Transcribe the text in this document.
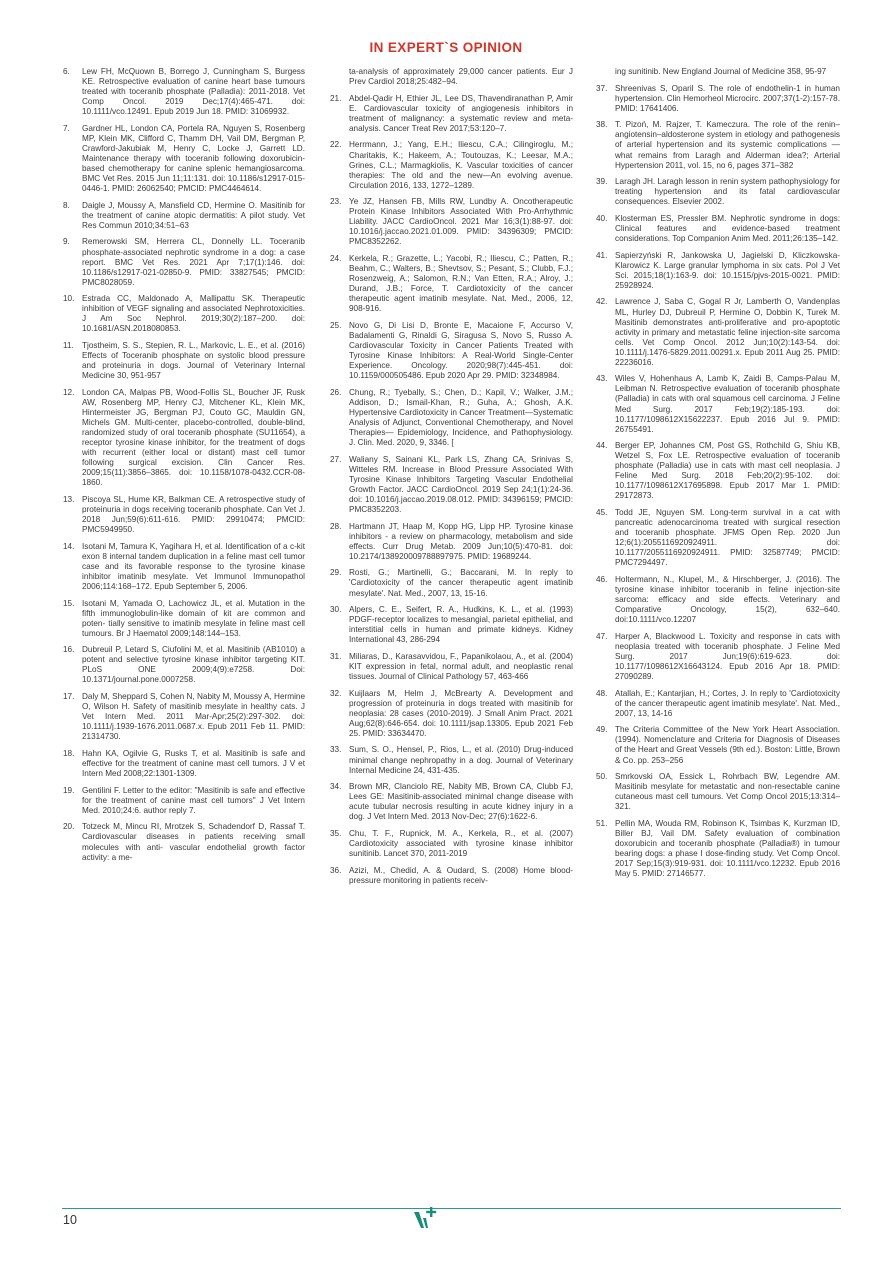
IN EXPERT`S OPINION
6.	Lew FH, McQuown B, Borrego J, Cunningham S, Burgess KE. Retrospective evaluation of canine heart base tumours treated with toceranib phosphate (Palladia): 2011-2018. Vet Comp Oncol. 2019 Dec;17(4):465-471. doi: 10.1111/vco.12491. Epub 2019 Jun 18. PMID: 31069932.
7.	Gardner HL, London CA, Portela RA, Nguyen S, Rosenberg MP, Klein MK, Clifford C, Thamm DH, Vail DM, Bergman P, Crawford-Jakubiak M, Henry C, Locke J, Garrett LD. Maintenance therapy with toceranib following doxorubicin-based chemotherapy for canine splenic hemangiosarcoma. BMC Vet Res. 2015 Jun 11;11:131. doi: 10.1186/s12917-015-0446-1. PMID: 26062540; PMCID: PMC4464614.
8.	Daigle J, Moussy A, Mansfield CD, Hermine O. Masitinib for the treatment of canine atopic dermatitis: A pilot study. Vet Res Commun 2010;34:51–63
9.	Remerowski SM, Herrera CL, Donnelly LL. Toceranib phosphate-associated nephrotic syndrome in a dog: a case report. BMC Vet Res. 2021 Apr 7;17(1):146. doi: 10.1186/s12917-021-02850-9. PMID: 33827545; PMCID: PMC8028059.
10. Estrada CC, Maldonado A, Mallipattu SK. Therapeutic inhibition of VEGF signaling and associated Nephrotoxicities. J Am Soc Nephrol. 2019;30(2):187–200. doi: 10.1681/ASN.2018080853.
11.	Tjostheim, S. S., Stepien, R. L., Markovic, L. E., et al. (2016) Effects of Toceranib phosphate on systolic blood pressure and proteinuria in dogs. Journal of Veterinary Internal Medicine 30, 951-957
12. London CA, Malpas PB, Wood-Follis SL, Boucher JF, Rusk AW, Rosenberg MP, Henry CJ, Mitchener KL, Klein MK, Hintermeister JG, Bergman PJ, Couto GC, Mauldin GN, Michels GM. Multi-center, placebo-controlled, double-blind, randomized study of oral toceranib phosphate (SU11654), a receptor tyrosine kinase inhibitor, for the treatment of dogs with recurrent (either local or distant) mast cell tumor following surgical excision. Clin Cancer Res. 2009;15(11):3856–3865. doi: 10.1158/1078-0432.CCR-08-1860.
13. Piscoya SL, Hume KR, Balkman CE. A retrospective study of proteinuria in dogs receiving toceranib phosphate. Can Vet J. 2018 Jun;59(6):611-616. PMID: 29910474; PMCID: PMC5949950.
14. Isotani M, Tamura K, Yagihara H, et al. Identification of a c-kit exon 8 internal tandem duplication in a feline mast cell tumor case and its favorable response to the tyrosine kinase inhibitor imatinib mesylate. Vet Immunol Immunopathol 2006;114:168–172. Epub September 5, 2006.
15. Isotani M, Yamada O, Lachowicz JL, et al. Mutation in the fifth immunoglobulin-like domain of kit are common and poten- tially sensitive to imatinib mesylate in feline mast cell tumours. Br J Haematol 2009;148:144–153.
16. Dubreuil P, Letard S, Ciufolini M, et al. Masitinib (AB1010) a potent and selective tyrosine kinase inhibitor targeting KIT. PLoS ONE 2009;4(9):e7258. Doi: 10.1371/journal.pone.0007258.
17. Daly M, Sheppard S, Cohen N, Nabity M, Moussy A, Hermine O, Wilson H. Safety of masitinib mesylate in healthy cats. J Vet Intern Med. 2011 Mar-Apr;25(2):297-302. doi: 10.1111/j.1939-1676.2011.0687.x. Epub 2011 Feb 11. PMID: 21314730.
18. Hahn KA, Ogilvie G, Rusks T, et al. Masitinib is safe and effective for the treatment of canine mast cell tumors. J V et Intern Med 2008;22:1301-1309.
19. Gentilini F. Letter to the editor: "Masitinib is safe and effective for the treatment of canine mast cell tumors" J Vet Intern Med. 2010;24:6. author reply 7.
20. Totzeck M, Mincu RI, Mrotzek S, Schadendorf D, Rassaf T. Cardiovascular diseases in patients receiving small molecules with anti- vascular endothelial growth factor activity: a me-
ta-analysis of approximately 29,000 cancer patients. Eur J Prev Cardiol 2018;25:482–94.
21. Abdel-Qadir H, Ethier JL, Lee DS, Thavendiranathan P, Amir E. Cardiovascular toxicity of angiogenesis inhibitors in treatment of malignancy: a systematic review and meta- analysis. Cancer Treat Rev 2017;53:120–7.
22. Herrmann, J.; Yang, E.H.; Iliescu, C.A.; Cilingiroglu, M.; Charitakis, K.; Hakeem, A.; Toutouzas, K.; Leesar, M.A.; Grines, C.L.; Marmagkiolis, K. Vascular toxicities of cancer therapies: The old and the new—An evolving avenue. Circulation 2016, 133, 1272–1289.
23. Ye JZ, Hansen FB, Mills RW, Lundby A. Oncotherapeutic Protein Kinase Inhibitors Associated With Pro-Arrhythmic Liability. JACC CardioOncol. 2021 Mar 16;3(1):88-97. doi: 10.1016/j.jaccao.2021.01.009. PMID: 34396309; PMCID: PMC8352262.
24. Kerkela, R.; Grazette, L.; Yacobi, R.; Iliescu, C.; Patten, R.; Beahm, C.; Walters, B.; Shevtsov, S.; Pesant, S.; Clubb, F.J.; Rosenzweig, A.; Salomon, R.N.; Van Etten, R.A.; Alroy, J.; Durand, J.B.; Force, T. Cardiotoxicity of the cancer therapeutic agent imatinib mesylate. Nat. Med., 2006, 12, 908-916.
25. Novo G, Di Lisi D, Bronte E, Macaione F, Accurso V, Badalamenti G, Rinaldi G, Siragusa S, Novo S, Russo A. Cardiovascular Toxicity in Cancer Patients Treated with Tyrosine Kinase Inhibitors: A Real-World Single-Center Experience. Oncology. 2020;98(7):445-451. doi: 10.1159/000505486. Epub 2020 Apr 29. PMID: 32348984.
26. Chung, R.; Tyebally, S.; Chen, D.; Kapil, V.; Walker, J.M.; Addison, D.; Ismail-Khan, R.; Guha, A.; Ghosh, A.K. Hypertensive Cardiotoxicity in Cancer Treatment—Systematic Analysis of Adjunct, Conventional Chemotherapy, and Novel Therapies— Epidemiology, Incidence, and Pathophysiology. J. Clin. Med. 2020, 9, 3346. [
27. Waliany S, Sainani KL, Park LS, Zhang CA, Srinivas S, Witteles RM. Increase in Blood Pressure Associated With Tyrosine Kinase Inhibitors Targeting Vascular Endothelial Growth Factor. JACC CardioOncol. 2019 Sep 24;1(1):24-36. doi: 10.1016/j.jaccao.2019.08.012. PMID: 34396159; PMCID: PMC8352203.
28. Hartmann JT, Haap M, Kopp HG, Lipp HP. Tyrosine kinase inhibitors - a review on pharmacology, metabolism and side effects. Curr Drug Metab. 2009 Jun;10(5):470-81. doi: 10.2174/138920009788897975. PMID: 19689244.
29. Rosti, G.; Martinelli, G.; Baccarani, M. In reply to 'Cardiotoxicity of the cancer therapeutic agent imatinib mesylate'. Nat. Med., 2007, 13, 15-16.
30. Alpers, C. E., Seifert, R. A., Hudkins, K. L., et al. (1993) PDGF-receptor localizes to mesangial, parietal epithelial, and interstitial cells in human and primate kidneys. Kidney International 43, 286-294
31. Miliaras, D., Karasavvidou, F., Papanikolaou, A., et al. (2004) KIT expression in fetal, normal adult, and neoplastic renal tissues. Journal of Clinical Pathology 57, 463-466
32. Kuijlaars M, Helm J, McBrearty A. Development and progression of proteinuria in dogs treated with masitinib for neoplasia: 28 cases (2010-2019). J Small Anim Pract. 2021 Aug;62(8):646-654. doi: 10.1111/jsap.13305. Epub 2021 Feb 25. PMID: 33634470.
33. Sum, S. O., Hensel, P., Rios, L., et al. (2010) Drug-induced minimal change nephropathy in a dog. Journal of Veterinary Internal Medicine 24, 431-435.
34. Brown MR, Clanciolo RE, Nabity MB, Brown CA, Clubb FJ, Lees GE: Masitinib-associated minimal change disease with acute tubular necrosis resulting in acute kidney injury in a dog. J Vet Intern Med. 2013 Nov-Dec; 27(6):1622-6.
35. Chu, T. F., Rupnick, M. A., Kerkela, R., et al. (2007) Cardiotoxicity associated with tyrosine kinase inhibitor sunitinib. Lancet 370, 2011-2019
36. Azizi, M., Chedid, A. & Oudard, S. (2008) Home blood-pressure monitoring in patients receiv-
ing sunitinib. New England Journal of Medicine 358, 95-97
37. Shreenivas S, Oparil S. The role of endothelin-1 in human hypertension. Clin Hemorheol Microcirc. 2007;37(1-2):157-78. PMID: 17641406.
38. T. Pizoń, M. Rajzer, T. Kameczura. The role of the renin–angiotensin–aldosterone system in etiology and pathogenesis of arterial hypertension and its systemic complications — what remains from Laragh and Alderman idea?; Arterial Hypertension 2011, vol. 15, no 6, pages 371–382
39. Laragh JH. Laragh lesson in renin system pathophysiology for treating hypertension and its fatal cardiovascular consequences. Elsevier 2002.
40. Klosterman ES, Pressler BM. Nephrotic syndrome in dogs: Clinical features and evidence-based treatment considerations. Top Companion Anim Med. 2011;26:135–142.
41. Sapierzyński R, Jankowska U, Jagielski D, Kliczkowska-Klarowicz K. Large granular lymphoma in six cats. Pol J Vet Sci. 2015;18(1):163-9. doi: 10.1515/pjvs-2015-0021. PMID: 25928924.
42. Lawrence J, Saba C, Gogal R Jr, Lamberth O, Vandenplas ML, Hurley DJ, Dubreuil P, Hermine O, Dobbin K, Turek M. Masitinib demonstrates anti-proliferative and pro-apoptotic activity in primary and metastatic feline injection-site sarcoma cells. Vet Comp Oncol. 2012 Jun;10(2):143-54. doi: 10.1111/j.1476-5829.2011.00291.x. Epub 2011 Aug 25. PMID: 22236016.
43. Wiles V, Hohenhaus A, Lamb K, Zaidi B, Camps-Palau M, Leibman N. Retrospective evaluation of toceranib phosphate (Palladia) in cats with oral squamous cell carcinoma. J Feline Med Surg. 2017 Feb;19(2):185-193. doi: 10.1177/1098612X15622237. Epub 2016 Jul 9. PMID: 26755491.
44. Berger EP, Johannes CM, Post GS, Rothchild G, Shiu KB, Wetzel S, Fox LE. Retrospective evaluation of toceranib phosphate (Palladia) use in cats with mast cell neoplasia. J Feline Med Surg. 2018 Feb;20(2):95-102. doi: 10.1177/1098612X17695898. Epub 2017 Mar 1. PMID: 29172873.
45. Todd JE, Nguyen SM. Long-term survival in a cat with pancreatic adenocarcinoma treated with surgical resection and toceranib phosphate. JFMS Open Rep. 2020 Jun 12;6(1):2055116920924911. doi: 10.1177/2055116920924911. PMID: 32587749; PMCID: PMC7294497.
46. Holtermann, N., Klupel, M., & Hirschberger, J. (2016). The tyrosine kinase inhibitor toceranib in feline injection-site sarcoma: efficacy and side effects. Veterinary and Comparative Oncology, 15(2), 632–640. doi:10.1111/vco.12207
47. Harper A, Blackwood L. Toxicity and response in cats with neoplasia treated with toceranib phosphate. J Feline Med Surg. 2017 Jun;19(6):619-623. doi: 10.1177/1098612X16643124. Epub 2016 Apr 18. PMID: 27090289.
48. Atallah, E.; Kantarjian, H.; Cortes, J. In reply to 'Cardiotoxicity of the cancer therapeutic agent imatinib mesylate'. Nat. Med., 2007, 13, 14-16
49. The Criteria Committee of the New York Heart Association. (1994). Nomenclature and Criteria for Diagnosis of Diseases of the Heart and Great Vessels (9th ed.). Boston: Little, Brown & Co. pp. 253–256
50. Smrkovski OA, Essick L, Rohrbach BW, Legendre AM. Masitinib mesylate for metastatic and non-resectable canine cutaneous mast cell tumours. Vet Comp Oncol 2015;13:314–321.
51. Pellin MA, Wouda RM, Robinson K, Tsimbas K, Kurzman ID, Biller BJ, Vail DM. Safety evaluation of combination doxorubicin and toceranib phosphate (Palladia®) in tumour bearing dogs: a phase I dose-finding study. Vet Comp Oncol. 2017 Sep;15(3):919-931. doi: 10.1111/vco.12232. Epub 2016 May 5. PMID: 27146577.
10
